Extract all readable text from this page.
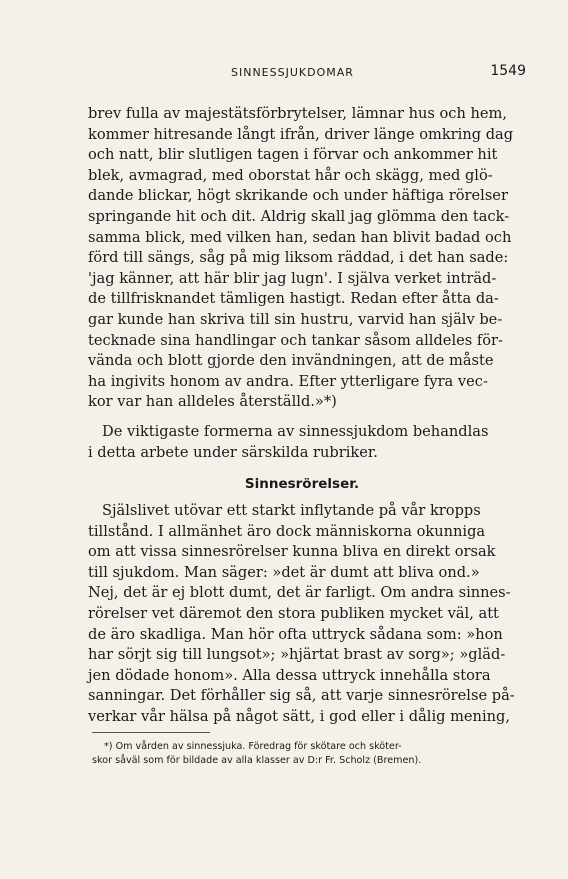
SINNESSJUKDOMAR	1549
brev fulla av majestätsförbrytelser, lämnar hus och hem,
kommer hitresande långt ifrån, driver länge omkring dag
och natt, blir slutligen tagen i förvar och ankommer hit
blek, avmagrad, med oborstat hår och skägg, med glö-
dande blickar, högt skrikande och under häftiga rörelser
springande hit och dit. Aldrig skall jag glömma den tack-
samma blick, med vilken han, sedan han blivit badad och
förd till sängs, såg på mig liksom räddad, i det han sade:
'jag känner, att här blir jag lugn'. I själva verket inträd-
de tillfrisknandet tämligen hastigt. Redan efter åtta da-
gar kunde han skriva till sin hustru, varvid han själv be-
tecknade sina handlingar och tankar såsom alldeles för-
vända och blott gjorde den invändningen, att de måste
ha ingivits honom av andra. Efter ytterligare fyra vec-
kor var han alldeles återställd.»*)
De viktigaste formerna av sinnessjukdom behandlas
i detta arbete under särskilda rubriker.
Sinnesrörelser.
Själslivet utövar ett starkt inflytande på vår kropps
tillstånd. I allmänhet äro dock människorna okunniga
om att vissa sinnesrörelser kunna bliva en direkt orsak
till sjukdom. Man säger: »det är dumt att bliva ond.»
Nej, det är ej blott dumt, det är farligt. Om andra sinnes-
rörelser vet däremot den stora publiken mycket väl, att
de äro skadliga. Man hör ofta uttryck sådana som: »hon
har sörjt sig till lungsot»; »hjärtat brast av sorg»; »gläd-
jen dödade honom». Alla dessa uttryck innehålla stora
sanningar. Det förhåller sig så, att varje sinnesrörelse på-
verkar vår hälsa på något sätt, i god eller i dålig mening,
*) Om vården av sinnessjuka. Föredrag för skötare och sköter-
skor såväl som för bildade av alla klasser av D:r Fr. Scholz (Bremen).
